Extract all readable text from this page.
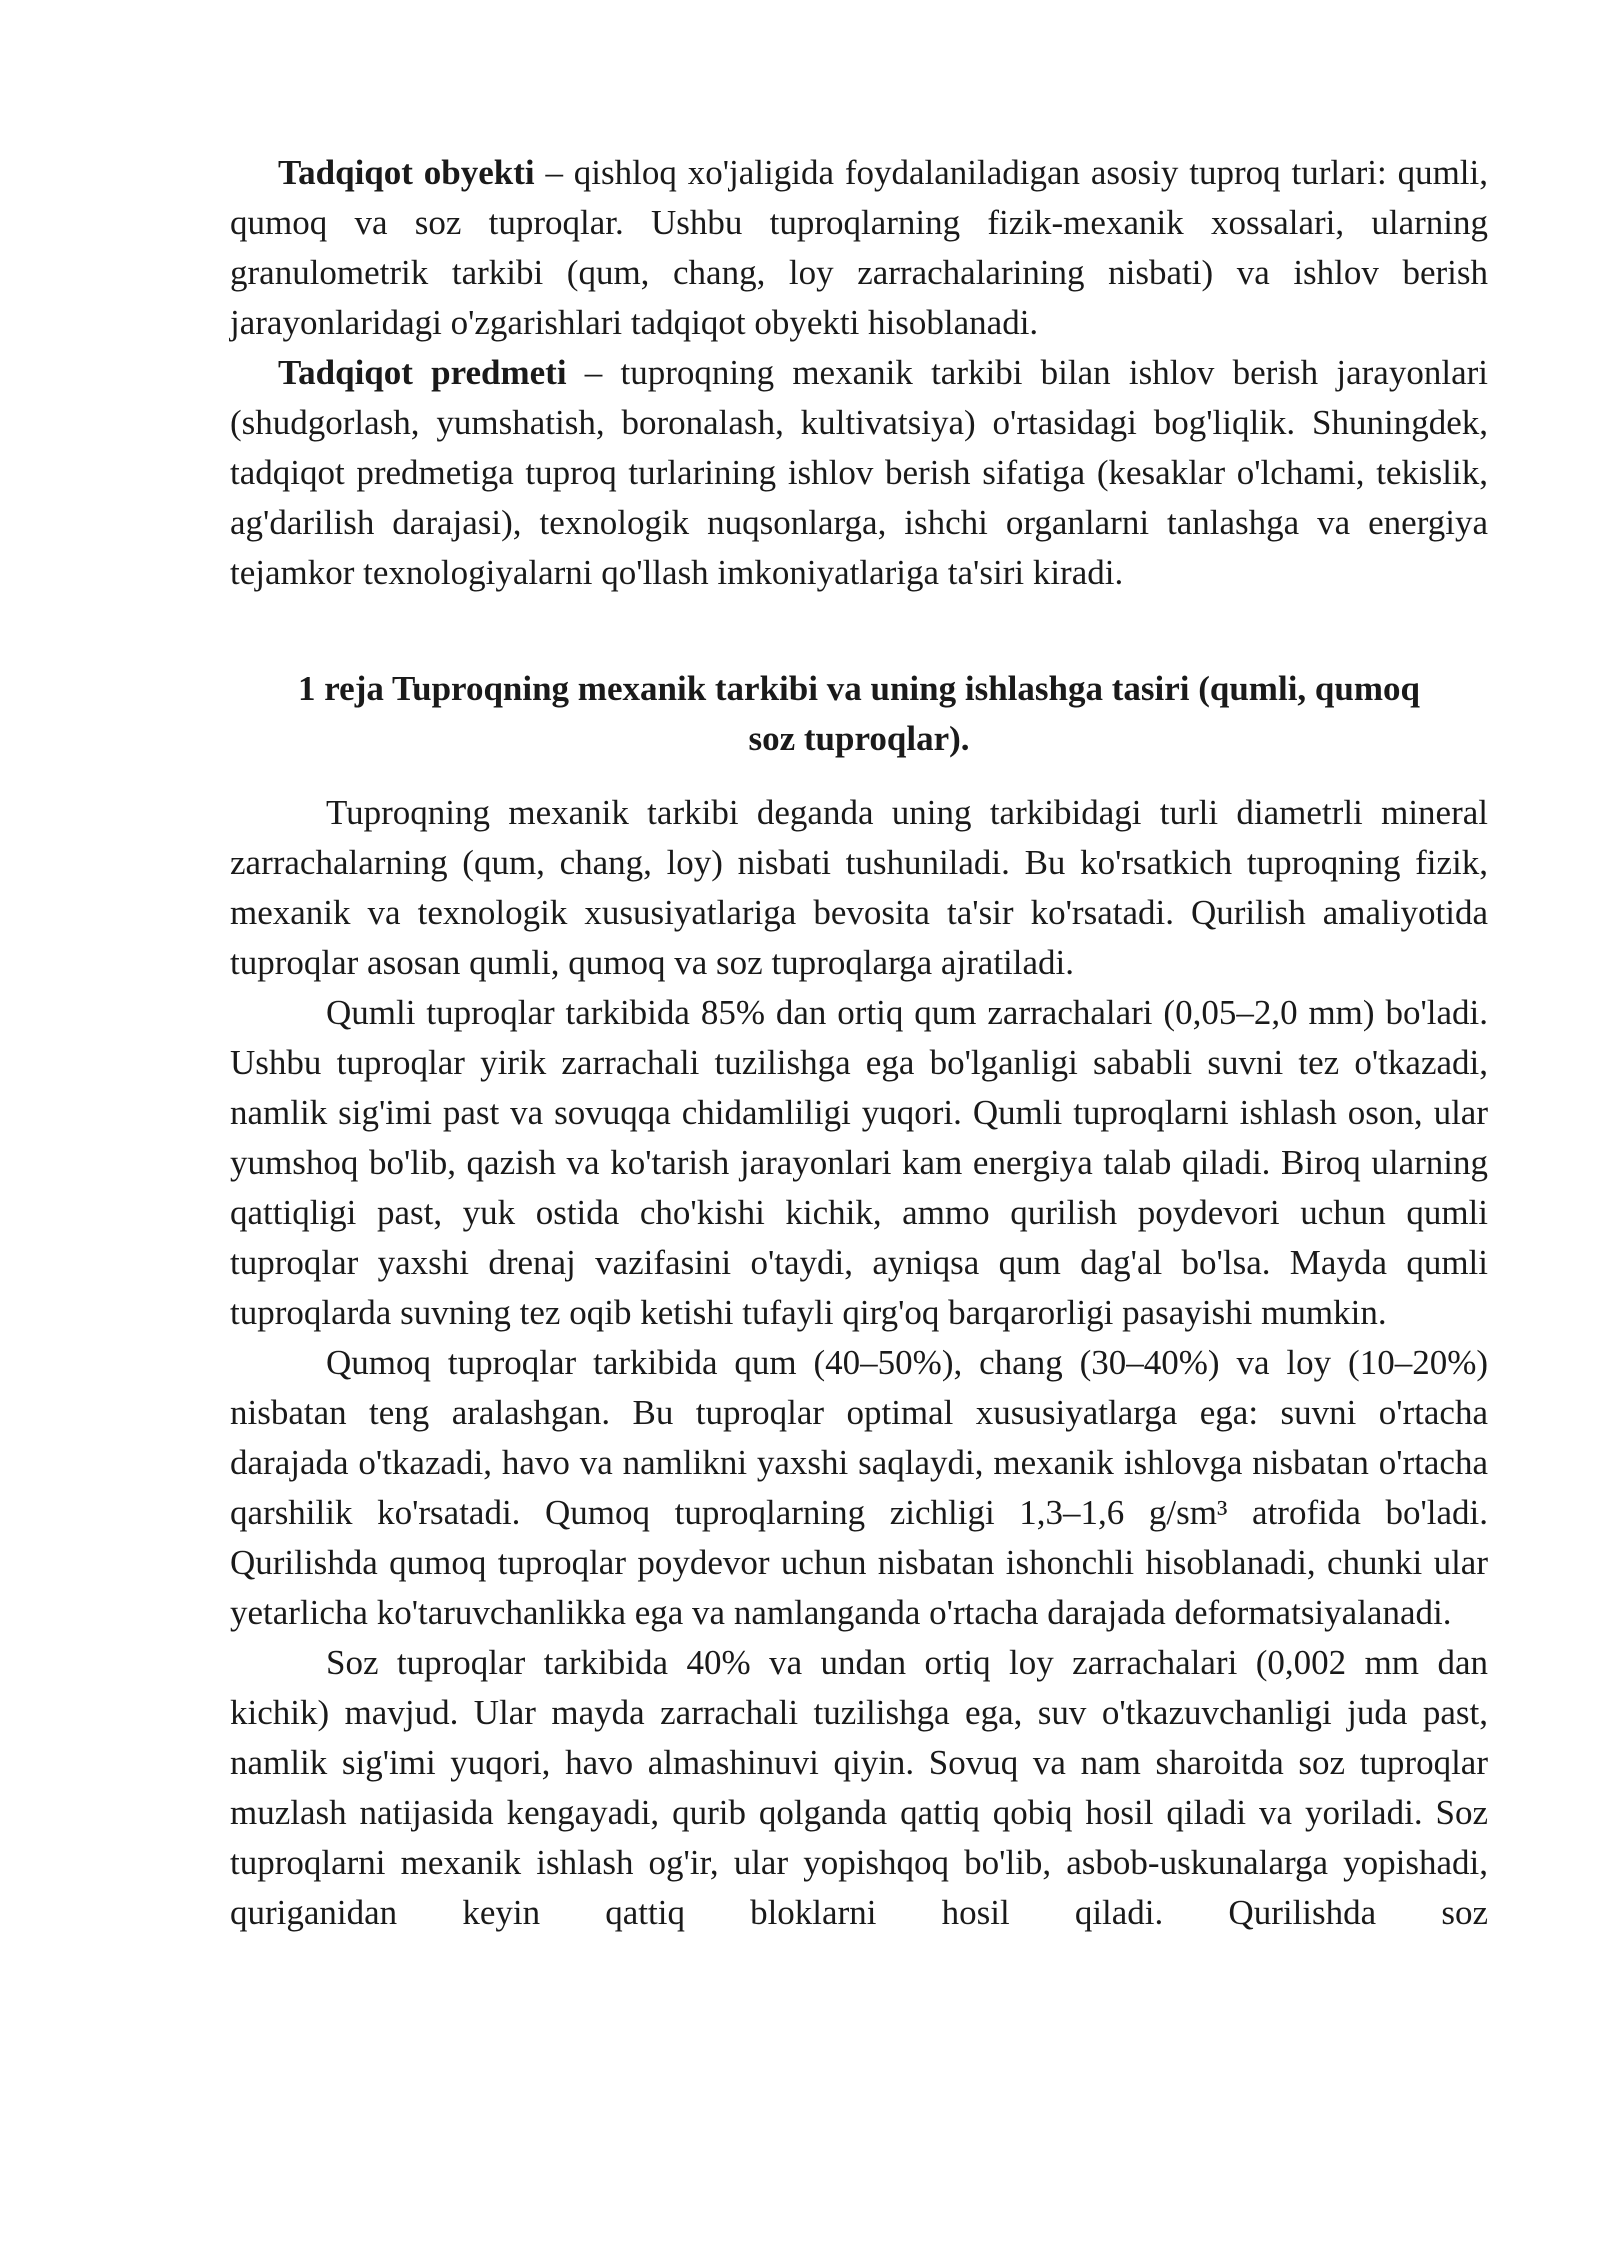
Tadqiqot obyekti – qishloq xo'jaligida foydalaniladigan asosiy tuproq turlari: qumli, qumoq va soz tuproqlar. Ushbu tuproqlarning fizik-mexanik xossalari, ularning granulometrik tarkibi (qum, chang, loy zarrachalarining nisbati) va ishlov berish jarayonlaridagi o'zgarishlari tadqiqot obyekti hisoblanadi.

Tadqiqot predmeti – tuproqning mexanik tarkibi bilan ishlov berish jarayonlari (shudgorlash, yumshatish, boronalash, kultivatsiya) o'rtasidagi bog'liqlik. Shuningdek, tadqiqot predmetiga tuproq turlarining ishlov berish sifatiga (kesaklar o'lchami, tekislik, ag'darilish darajasi), texnologik nuqsonlarga, ishchi organlarni tanlashga va energiya tejamkor texnologiyalarni qo'llash imkoniyatlariga ta'siri kiradi.

1 reja Tuproqning mexanik tarkibi va uning ishlashga tasiri (qumli, qumoq
soz tuproqlar).

Tuproqning mexanik tarkibi deganda uning tarkibidagi turli diametrli mineral zarrachalarning (qum, chang, loy) nisbati tushuniladi. Bu ko'rsatkich tuproqning fizik, mexanik va texnologik xususiyatlariga bevosita ta'sir ko'rsatadi. Qurilish amaliyotida tuproqlar asosan qumli, qumoq va soz tuproqlarga ajratiladi.

Qumli tuproqlar tarkibida 85% dan ortiq qum zarrachalari (0,05–2,0 mm) bo'ladi. Ushbu tuproqlar yirik zarrachali tuzilishga ega bo'lganligi sababli suvni tez o'tkazadi, namlik sig'imi past va sovuqqa chidamliligi yuqori. Qumli tuproqlarni ishlash oson, ular yumshoq bo'lib, qazish va ko'tarish jarayonlari kam energiya talab qiladi. Biroq ularning qattiqligi past, yuk ostida cho'kishi kichik, ammo qurilish poydevori uchun qumli tuproqlar yaxshi drenaj vazifasini o'taydi, ayniqsa qum dag'al bo'lsa. Mayda qumli tuproqlarda suvning tez oqib ketishi tufayli qirg'oq barqarorligi pasayishi mumkin.

Qumoq tuproqlar tarkibida qum (40–50%), chang (30–40%) va loy (10–20%) nisbatan teng aralashgan. Bu tuproqlar optimal xususiyatlarga ega: suvni o'rtacha darajada o'tkazadi, havo va namlikni yaxshi saqlaydi, mexanik ishlovga nisbatan o'rtacha qarshilik ko'rsatadi. Qumoq tuproqlarning zichligi 1,3–1,6 g/sm³ atrofida bo'ladi. Qurilishda qumoq tuproqlar poydevor uchun nisbatan ishonchli hisoblanadi, chunki ular yetarlicha ko'taruvchanlikka ega va namlanganda o'rtacha darajada deformatsiyalanadi.

Soz tuproqlar tarkibida 40% va undan ortiq loy zarrachalari (0,002 mm dan kichik) mavjud. Ular mayda zarrachali tuzilishga ega, suv o'tkazuvchanligi juda past, namlik sig'imi yuqori, havo almashinuvi qiyin. Sovuq va nam sharoitda soz tuproqlar muzlash natijasida kengayadi, qurib qolganda qattiq qobiq hosil qiladi va yoriladi. Soz tuproqlarni mexanik ishlash og'ir, ular yopishqoq bo'lib, asbob-uskunalarga yopishadi, quriganidan keyin qattiq bloklarni hosil qiladi. Qurilishda soz
